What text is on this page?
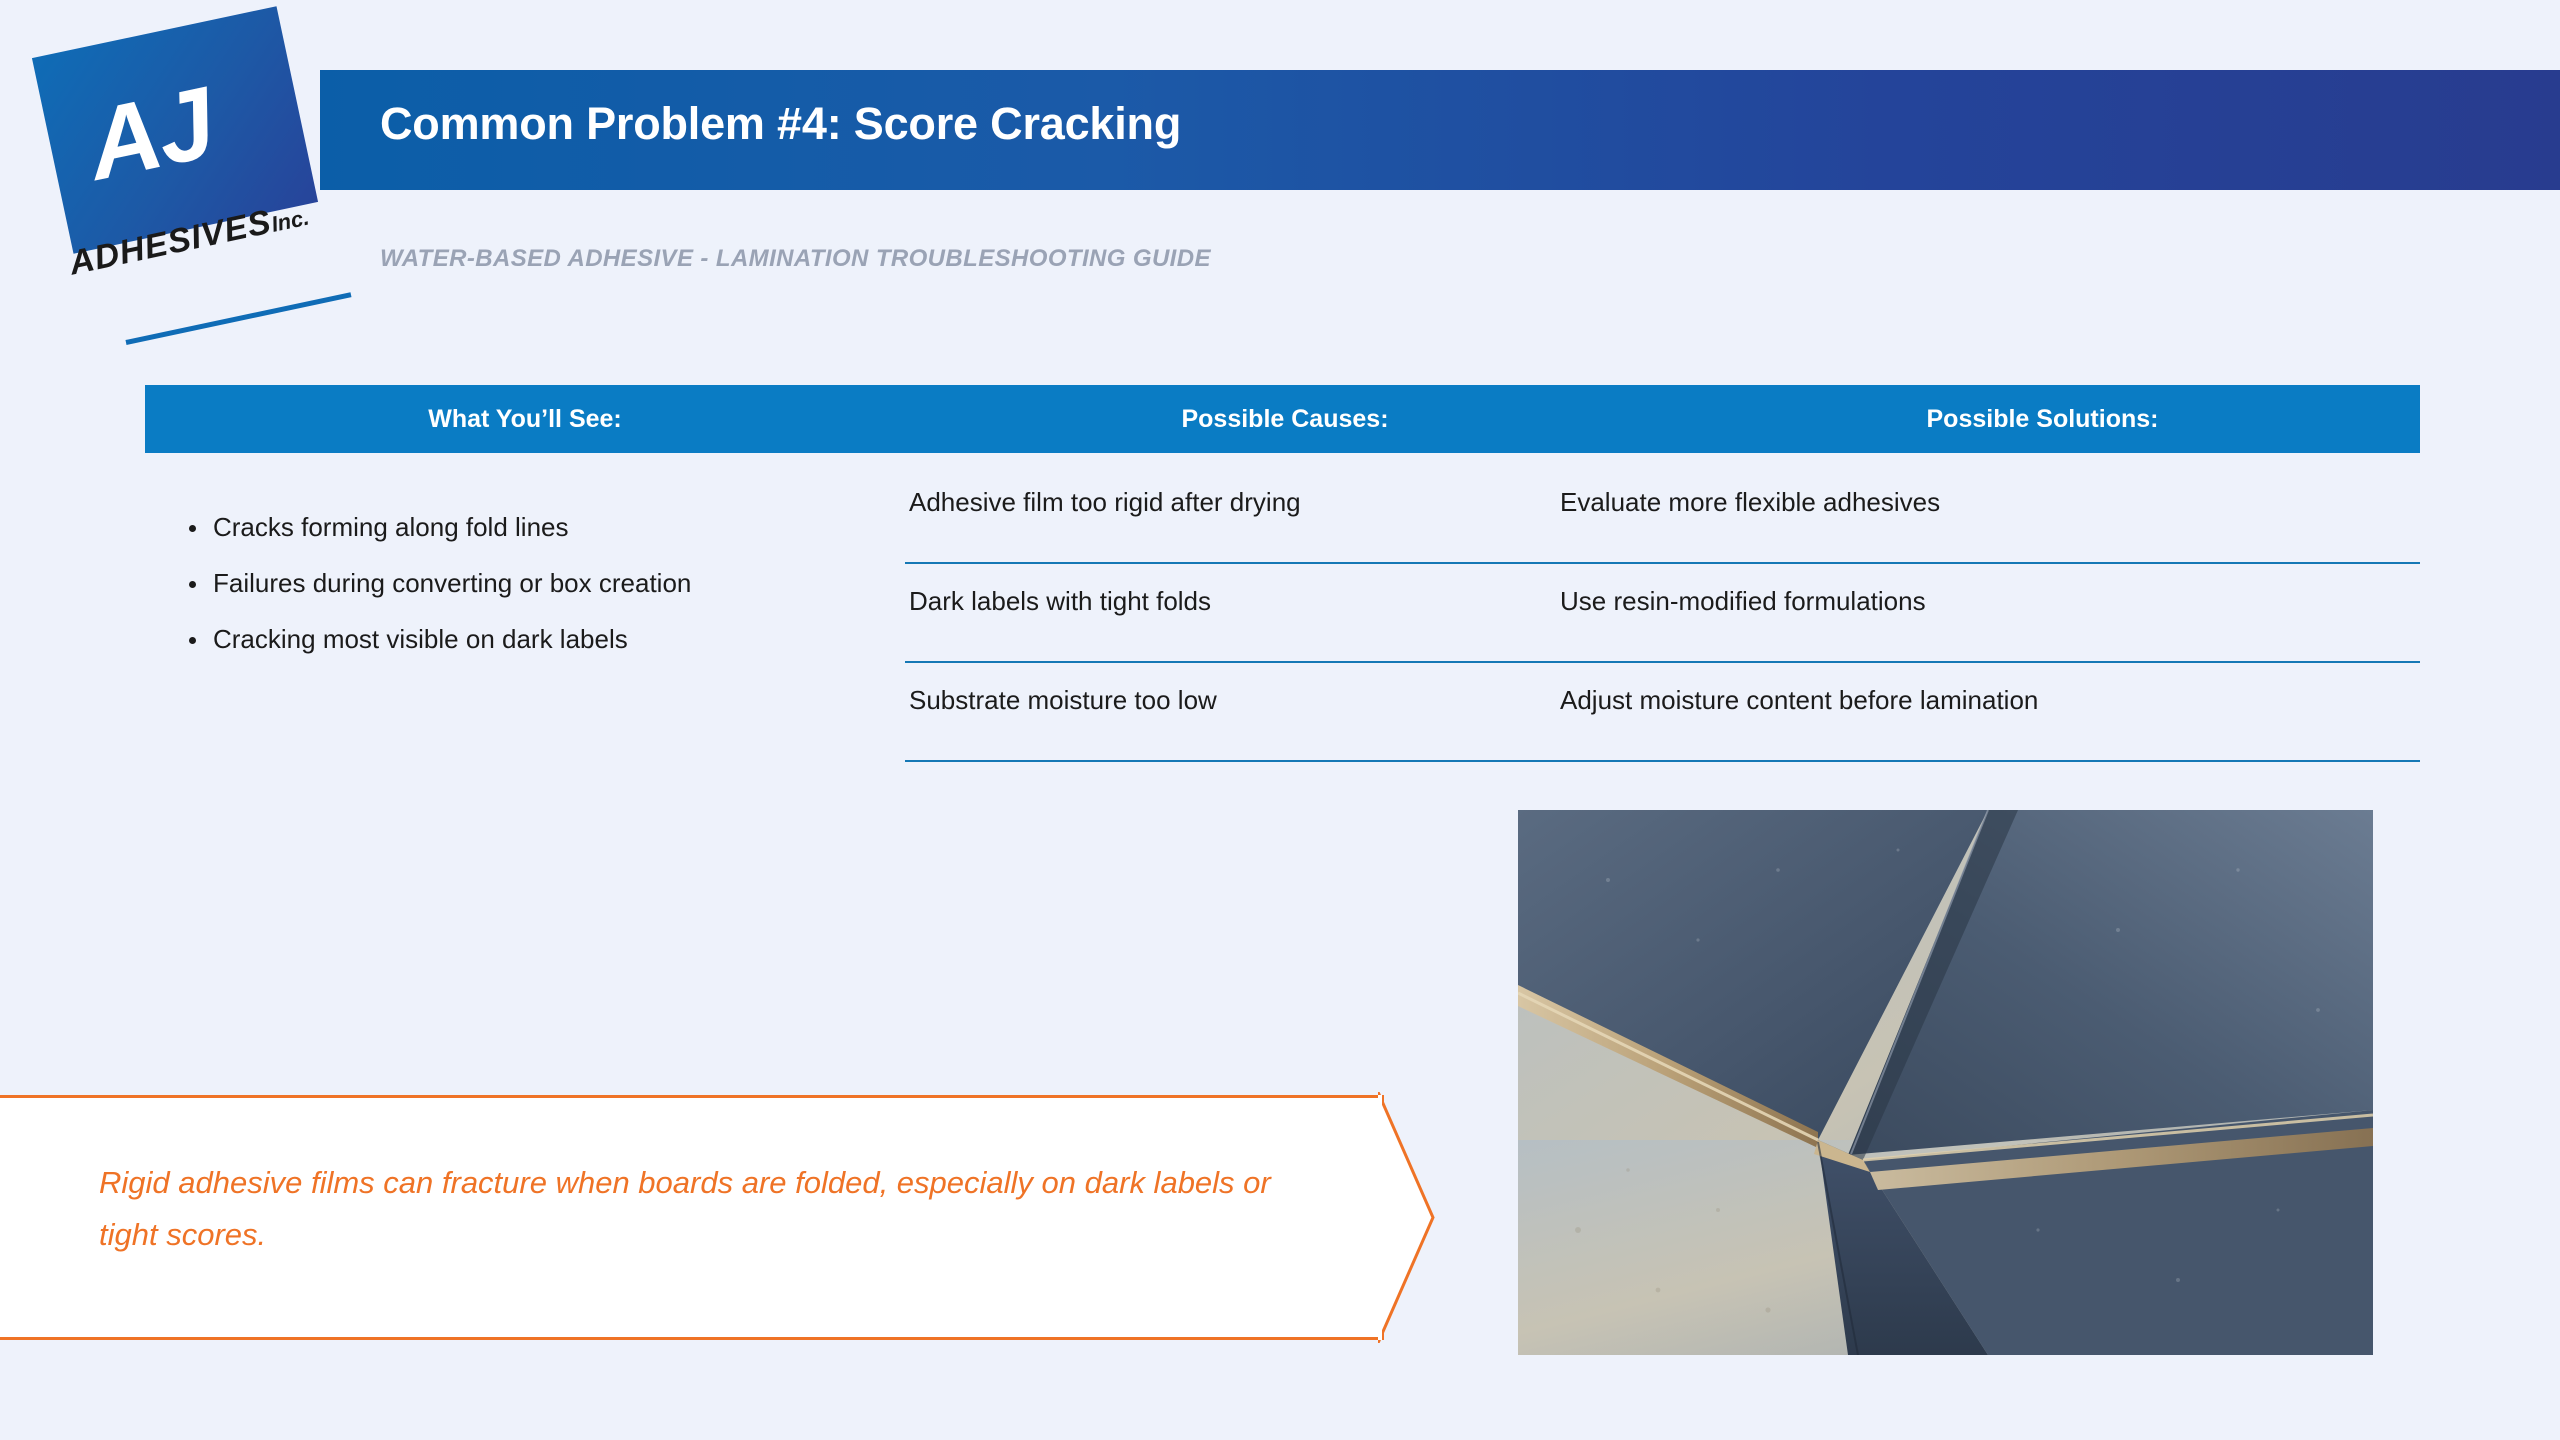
AJ
ADHESIVESInc.
Common Problem #4: Score Cracking
WATER-BASED ADHESIVE - LAMINATION TROUBLESHOOTING GUIDE
What You’ll See:	Possible Causes:	Possible Solutions:
Cracks forming along fold lines
Failures during converting or box creation
Cracking most visible on dark labels
Adhesive film too rigid after drying	Evaluate more flexible adhesives
Dark labels with tight folds	Use resin-modified formulations
Substrate moisture too low	Adjust moisture content before lamination
Rigid adhesive films can fracture when boards are folded, especially on dark labels or tight scores.
